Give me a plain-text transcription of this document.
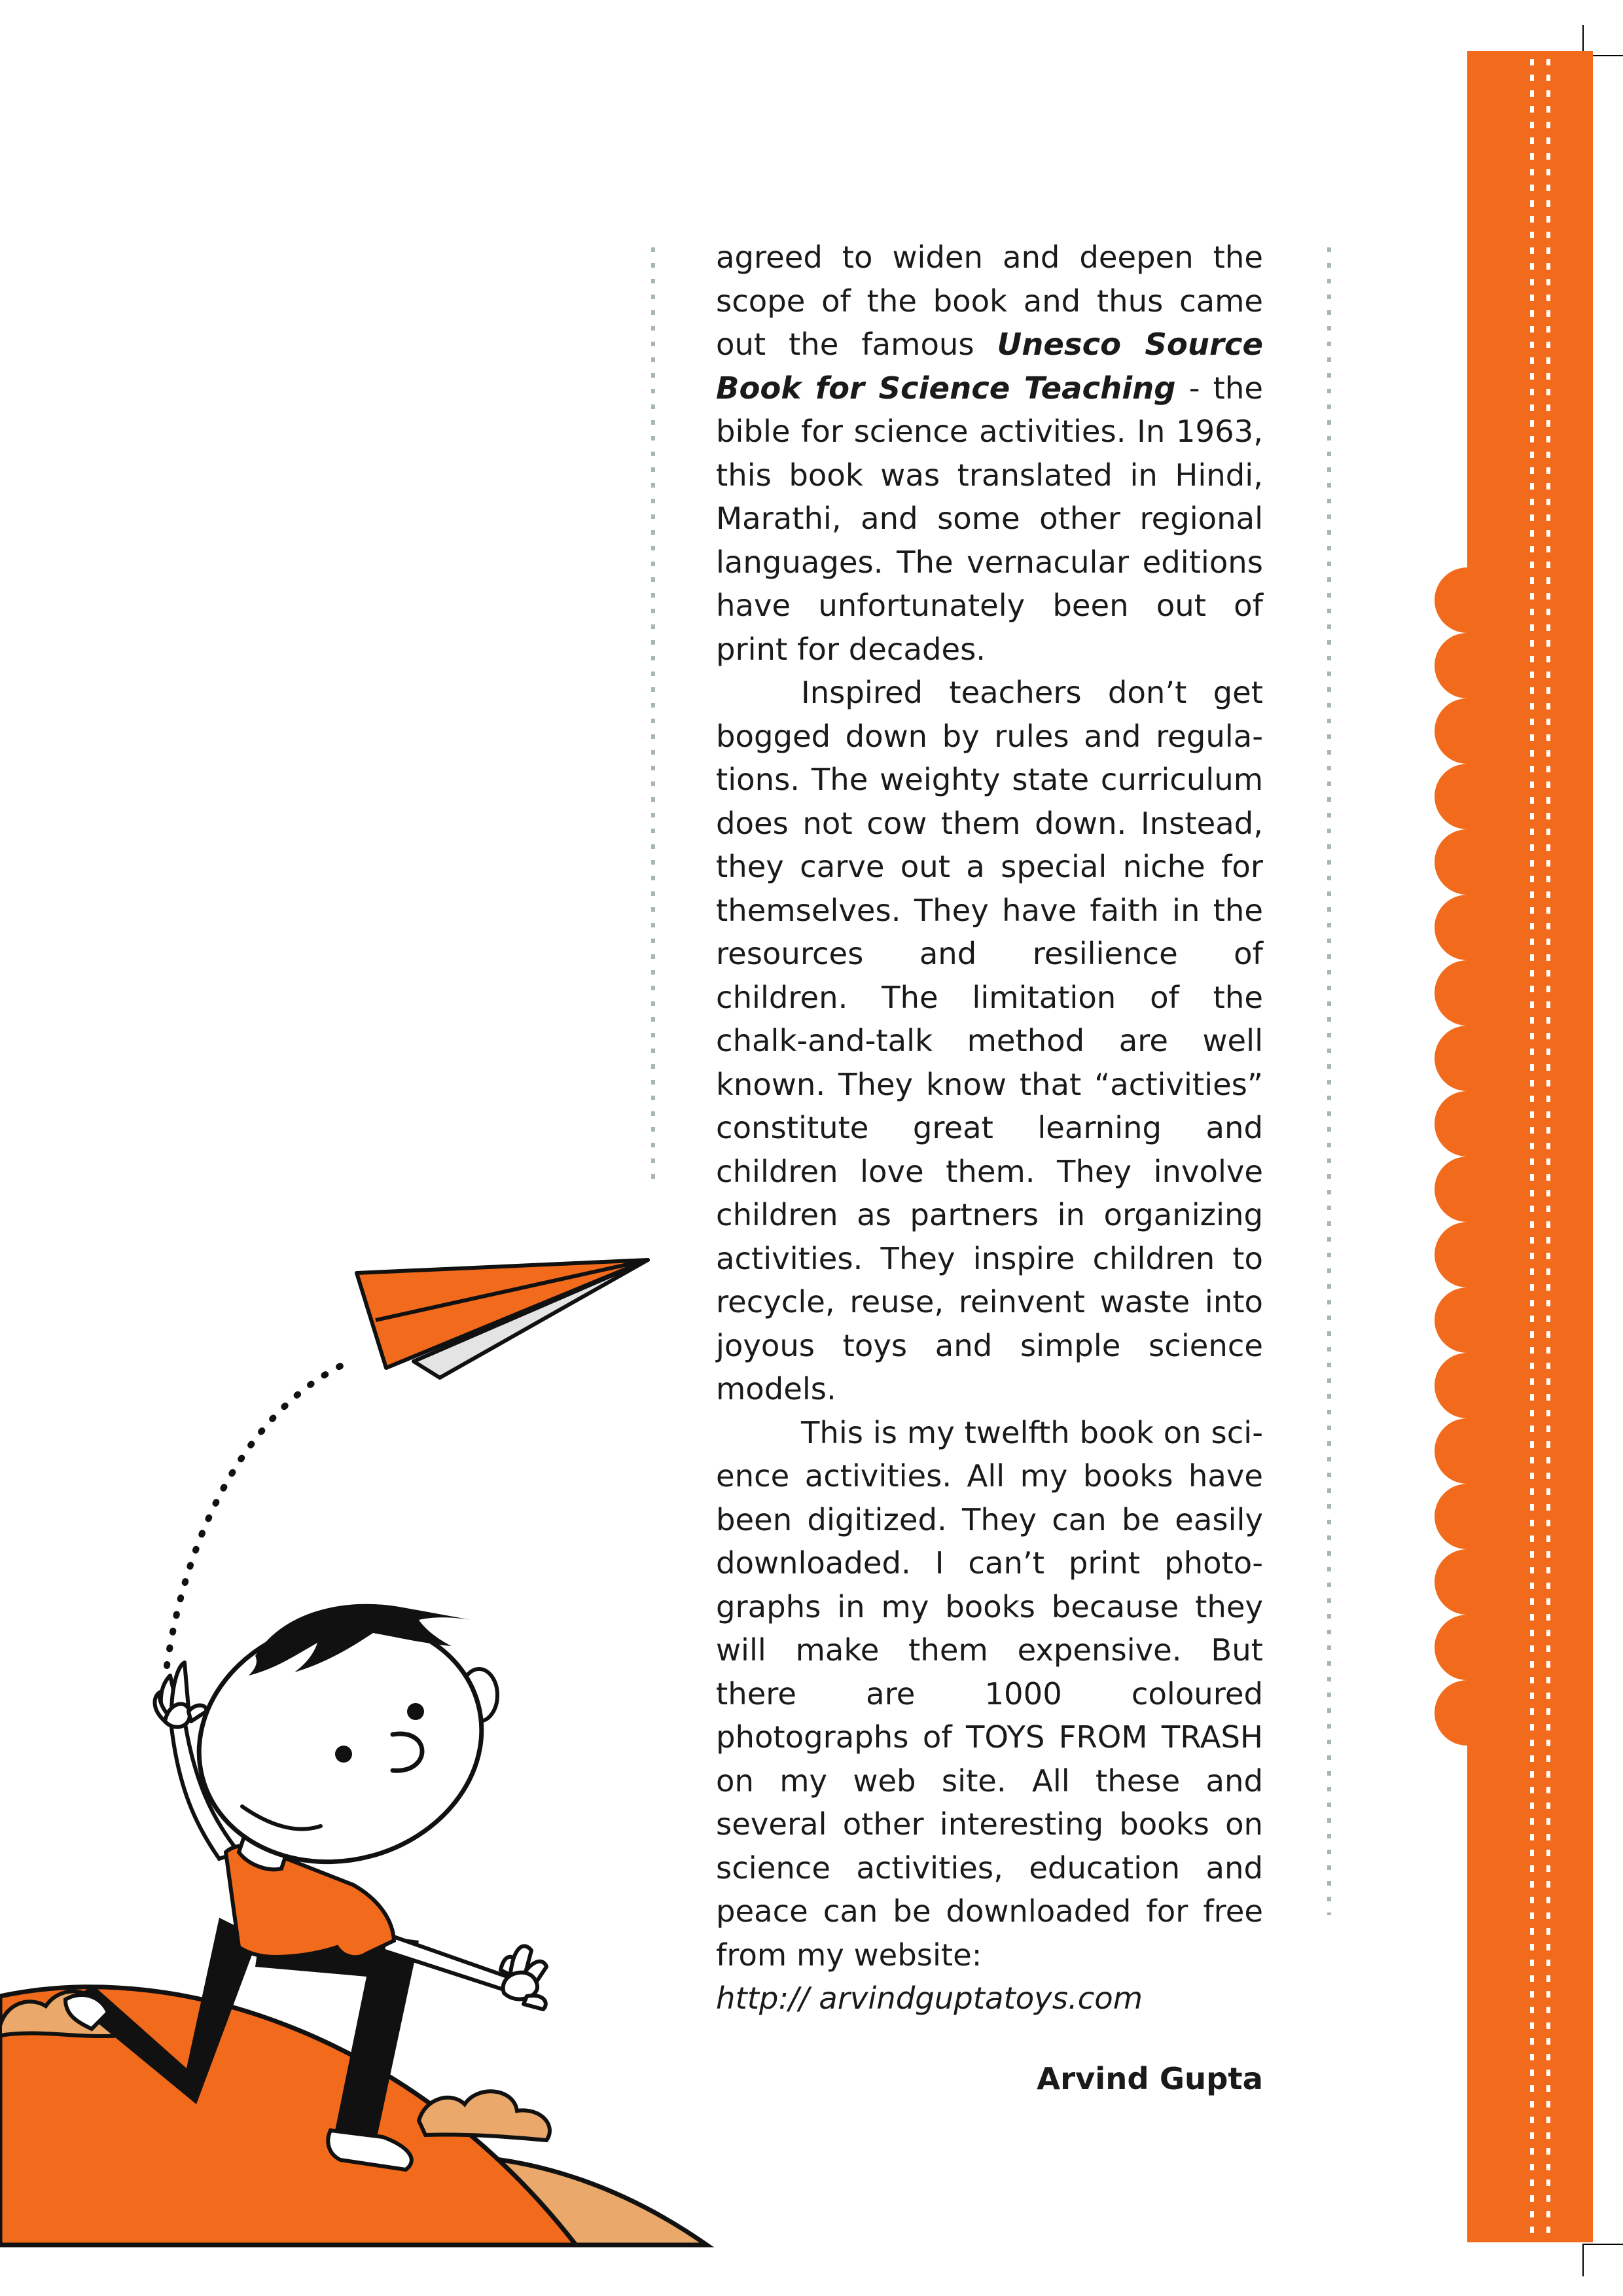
agreed to widen and deepen the scope of the book and thus came out the famous Unesco Source Book for Science Teaching - the bible for science activities. In 1963, this book was translated in Hindi, Marathi, and some other regional languages. The vernacular editions have unfortunately been out of print for decades.

Inspired teachers don’t get bogged down by rules and regulations. The weighty state curriculum does not cow them down. Instead, they carve out a special niche for themselves. They have faith in the resources and resilience of children. The limitation of the chalk-and-talk method are well known. They know that “activities” constitute great learning and children love them. They involve children as partners in organizing activities. They inspire children to recycle, reuse, reinvent waste into joyous toys and simple science models.

This is my twelfth book on science activities. All my books have been digitized. They can be easily downloaded. I can’t print photographs in my books because they will make them expensive. But there are 1000 coloured photographs of TOYS FROM TRASH on my web site. All these and several other interesting books on science activities, education and peace can be downloaded for free from my website:

http:// arvindguptatoys.com

Arvind Gupta
